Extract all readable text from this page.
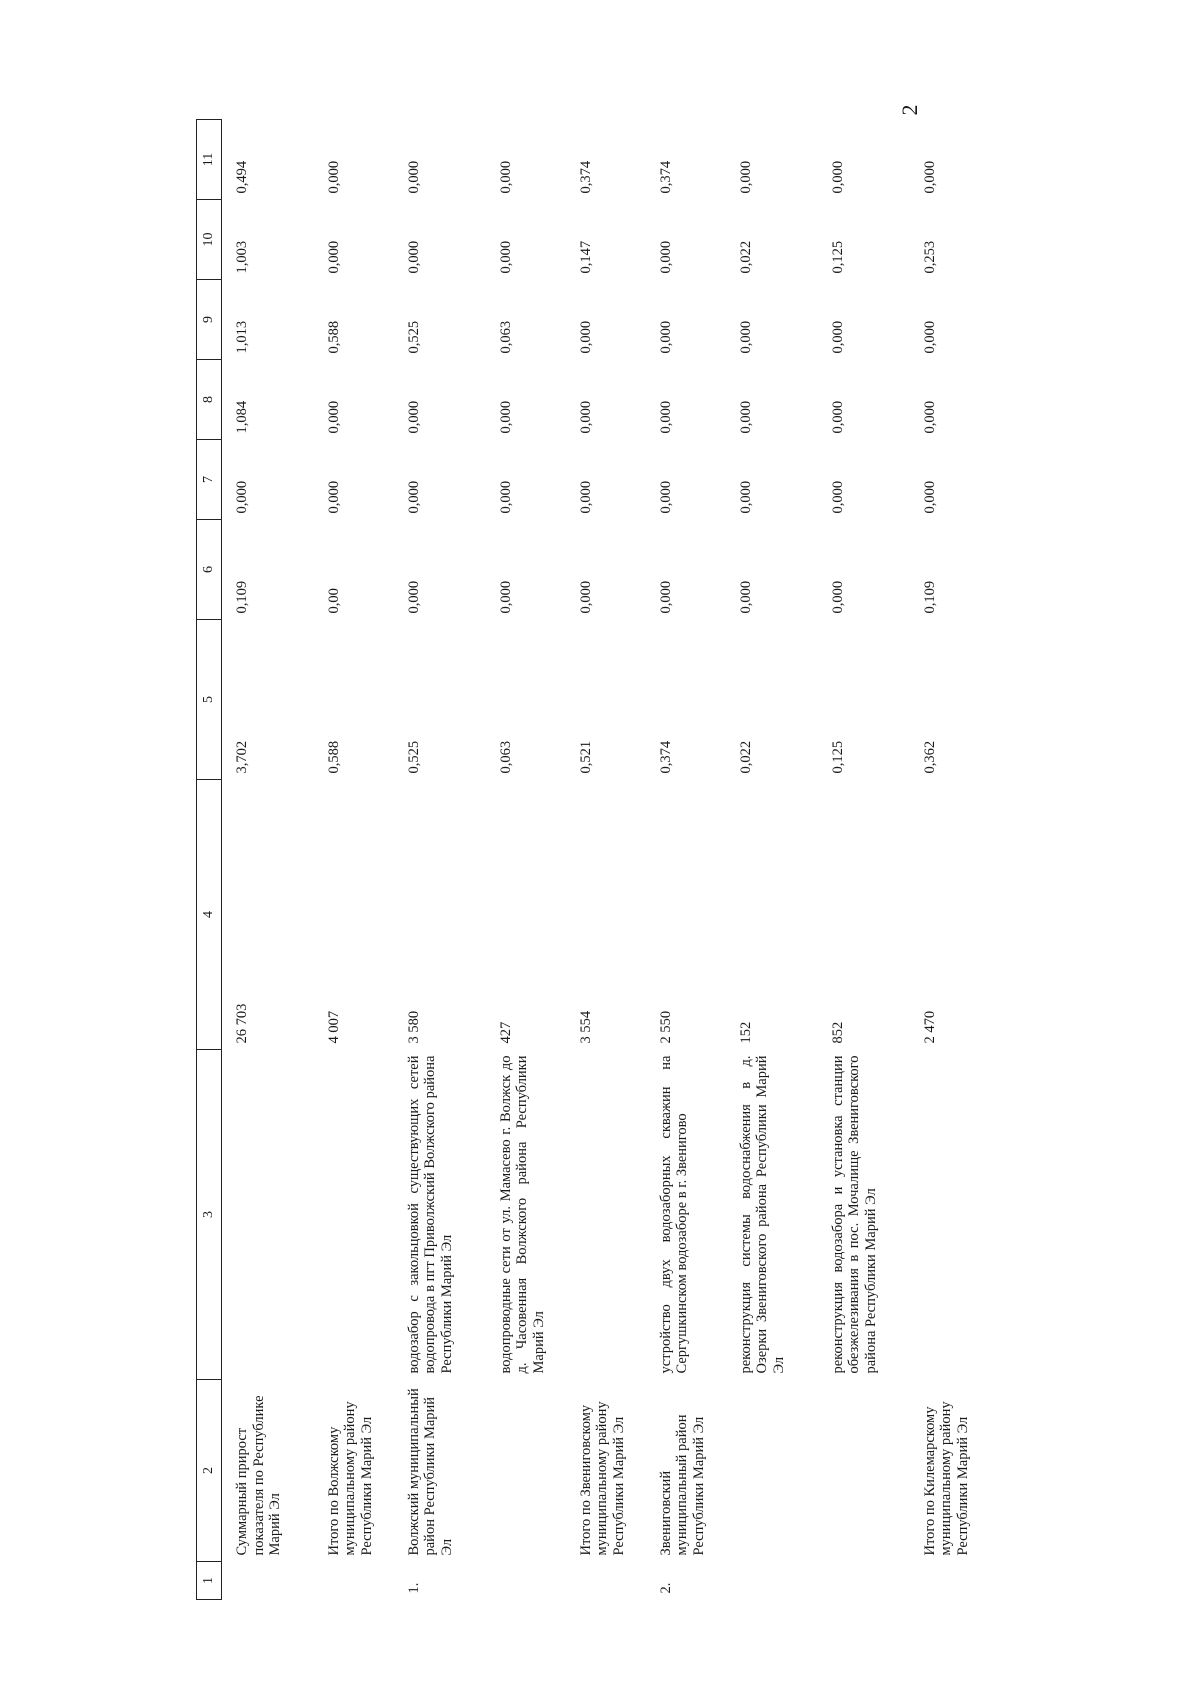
2
1	2	3	4	5	6	7	8	9	10	11
	Суммарный прирост показателя по Республике Марий Эл		26 703	3,702	0,109	0,000	1,084	1,013	1,003	0,494
	Итого по Волжскому муниципальному району Республики Марий Эл		4 007	0,588	0,00	0,000	0,000	0,588	0,000	0,000
1.	Волжский муниципальный район Республики Марий Эл	водозабор с закольцовкой существующих сетей водопровода в пгт Приволжский Волжского района Республики Марий Эл	3 580	0,525	0,000	0,000	0,000	0,525	0,000	0,000
		водопроводные сети от ул. Мамасево г. Волжск до д. Часовенная Волжского района Республики Марий Эл	427	0,063	0,000	0,000	0,000	0,063	0,000	0,000
	Итого по Звениговскому муниципальному району Республики Марий Эл		3 554	0,521	0,000	0,000	0,000	0,000	0,147	0,374
2.	Звениговский муниципальный район Республики Марий Эл	устройство двух водозаборных скважин на Сергушкинском водозаборе в г. Звенигово	2 550	0,374	0,000	0,000	0,000	0,000	0,000	0,374
		реконструкция системы водоснабжения в д. Озерки Звениговского района Республики Марий Эл	152	0,022	0,000	0,000	0,000	0,000	0,022	0,000
		реконструкция водозабора и установка станции обезжелезивания в пос. Мочалище Звениговского района Республики Марий Эл	852	0,125	0,000	0,000	0,000	0,000	0,125	0,000
	Итого по Килемарскому муниципальному району Республики Марий Эл		2 470	0,362	0,109	0,000	0,000	0,000	0,253	0,000
